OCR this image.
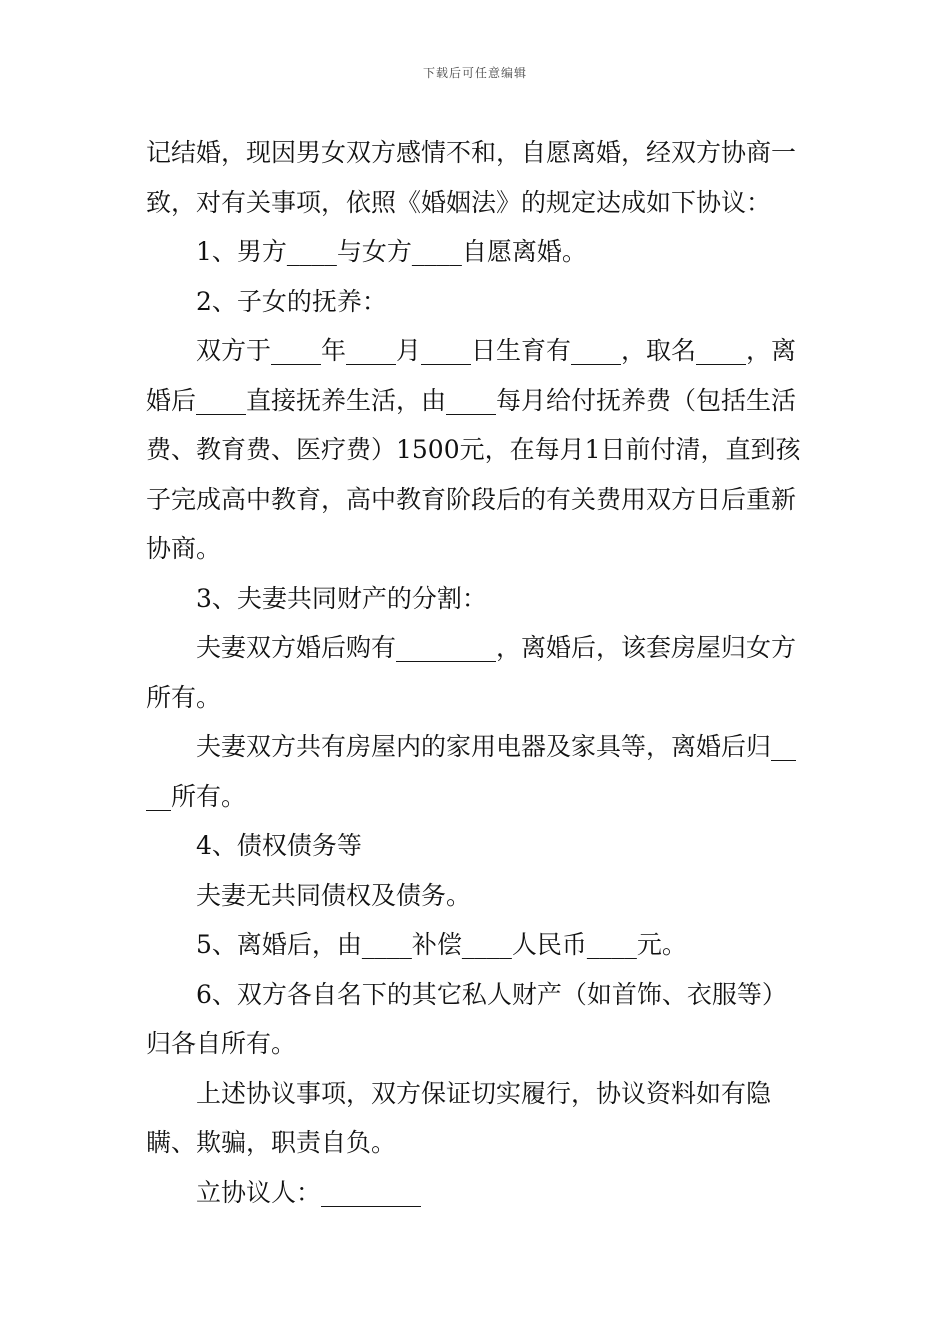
下载后可任意编辑

记结婚，现因男女双方感情不和，自愿离婚，经双方协商一致，对有关事项，依照《婚姻法》的规定达成如下协议：

1、男方____与女方____自愿离婚。

2、子女的抚养：

双方于____年____月____日生育有____，取名____，离婚后____直接抚养生活，由____每月给付抚养费（包括生活费、教育费、医疗费）1500元，在每月1日前付清，直到孩子完成高中教育，高中教育阶段后的有关费用双方日后重新协商。

3、夫妻共同财产的分割：

夫妻双方婚后购有________，离婚后，该套房屋归女方所有。

夫妻双方共有房屋内的家用电器及家具等，离婚后归____所有。

4、债权债务等

夫妻无共同债权及债务。

5、离婚后，由____补偿____人民币____元。

6、双方各自名下的其它私人财产（如首饰、衣服等）归各自所有。

上述协议事项，双方保证切实履行，协议资料如有隐瞒、欺骗，职责自负。

立协议人：________
